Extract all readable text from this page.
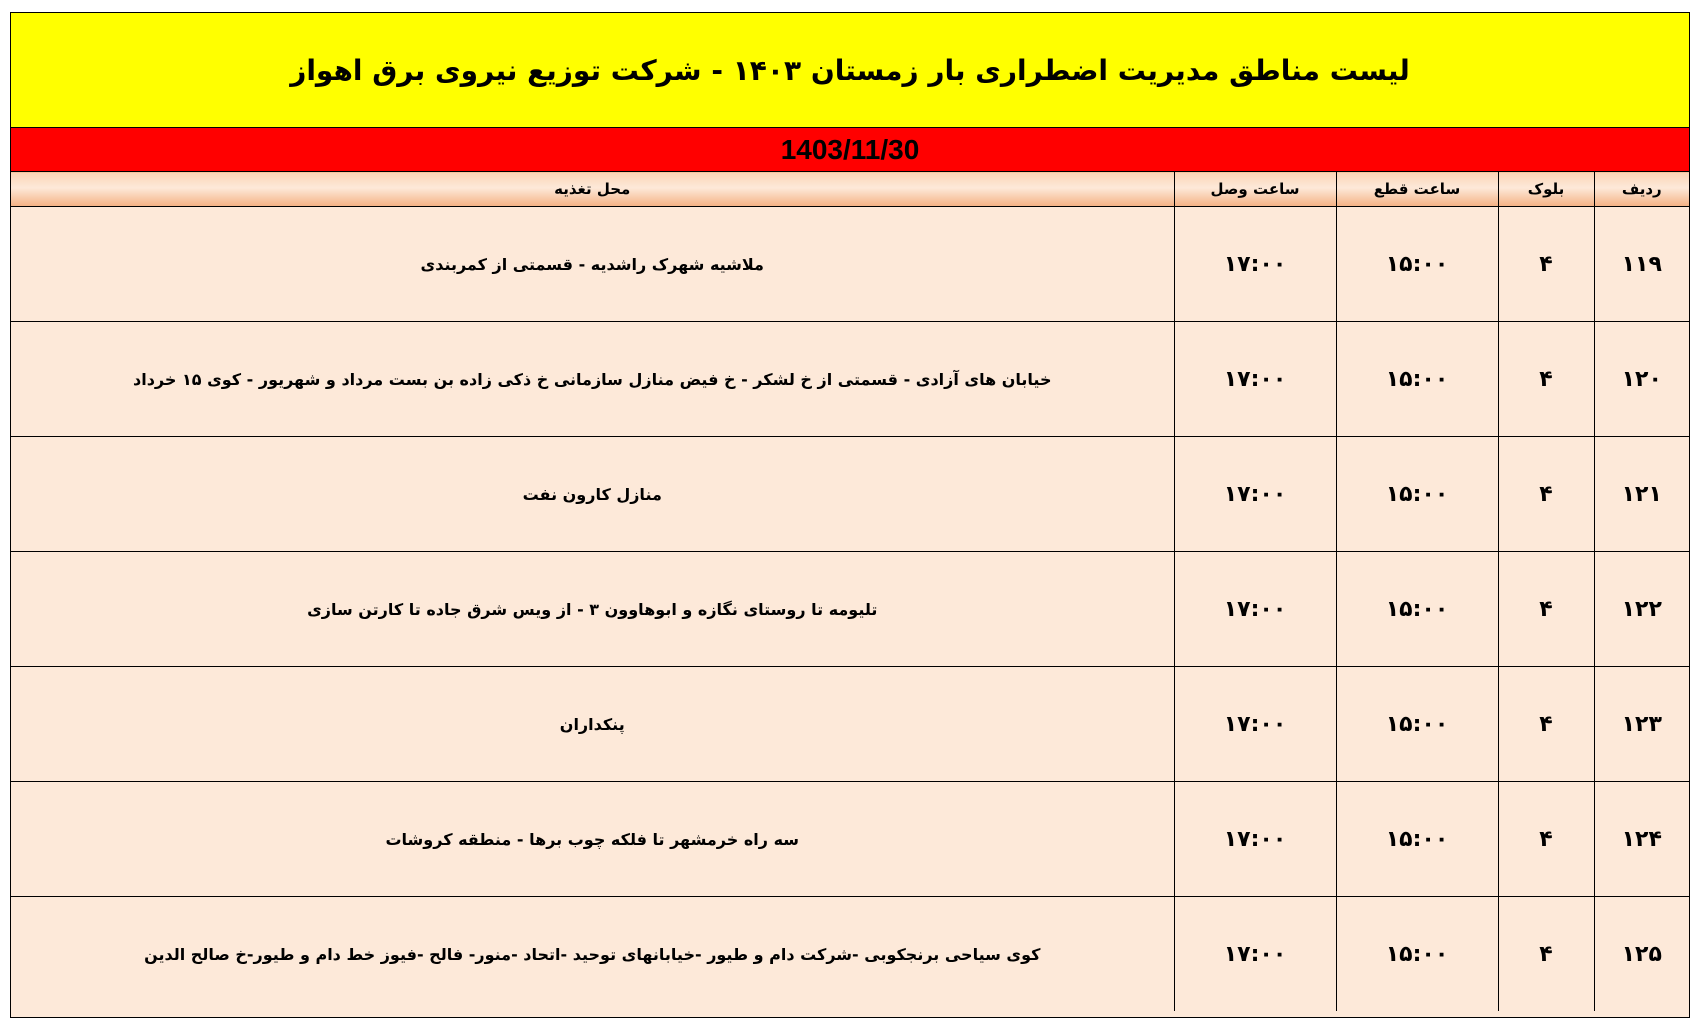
لیست مناطق مدیریت اضطراری بار زمستان ۱۴۰۳ - شرکت توزیع نیروی برق اهواز
1403/11/30
ردیف	بلوک	ساعت قطع	ساعت وصل	محل تغذیه
۱۱۹	۴	۱۵:۰۰	۱۷:۰۰	ملاشیه شهرک راشدیه - قسمتی از کمربندی
۱۲۰	۴	۱۵:۰۰	۱۷:۰۰	خیابان های آزادی - قسمتی از خ لشکر - خ فیض منازل سازمانی خ ذکی زاده بن بست مرداد و شهریور - کوی ۱۵ خرداد
۱۲۱	۴	۱۵:۰۰	۱۷:۰۰	منازل کارون نفت
۱۲۲	۴	۱۵:۰۰	۱۷:۰۰	تلیومه تا روستای نگازه و ابوهاوون ۳ - از ویس شرق جاده تا کارتن سازی
۱۲۳	۴	۱۵:۰۰	۱۷:۰۰	پنکداران
۱۲۴	۴	۱۵:۰۰	۱۷:۰۰	سه راه خرمشهر تا فلکه چوب برها - منطقه کروشات
۱۲۵	۴	۱۵:۰۰	۱۷:۰۰	کوی سیاحی برنجکوبی -شرکت دام و طیور -خیابانهای توحید -اتحاد -منور- فالح -فیوز خط دام و طیور-خ صالح الدین
